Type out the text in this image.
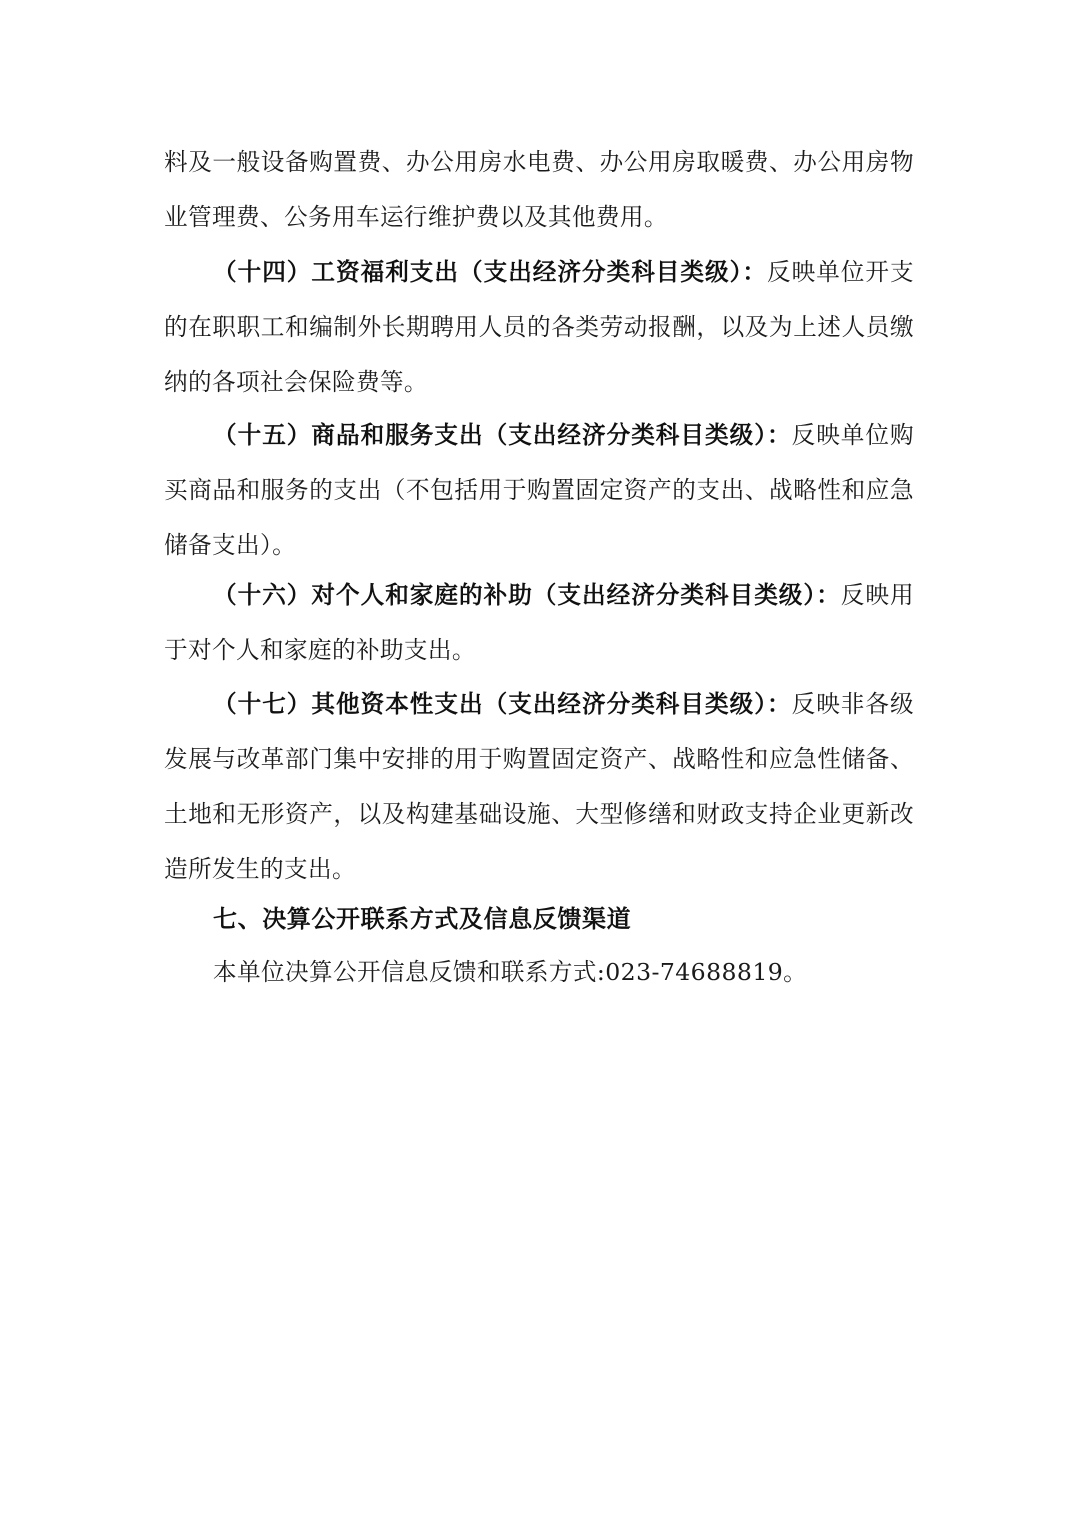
料及一般设备购置费、办公用房水电费、办公用房取暖费、办公用房物业管理费、公务用车运行维护费以及其他费用。

（十四）工资福利支出（支出经济分类科目类级）：反映单位开支的在职职工和编制外长期聘用人员的各类劳动报酬，以及为上述人员缴纳的各项社会保险费等。

（十五）商品和服务支出（支出经济分类科目类级）：反映单位购买商品和服务的支出（不包括用于购置固定资产的支出、战略性和应急储备支出）。

（十六）对个人和家庭的补助（支出经济分类科目类级）：反映用于对个人和家庭的补助支出。

（十七）其他资本性支出（支出经济分类科目类级）：反映非各级发展与改革部门集中安排的用于购置固定资产、战略性和应急性储备、土地和无形资产，以及构建基础设施、大型修缮和财政支持企业更新改造所发生的支出。

七、决算公开联系方式及信息反馈渠道

本单位决算公开信息反馈和联系方式:023-74688819。
